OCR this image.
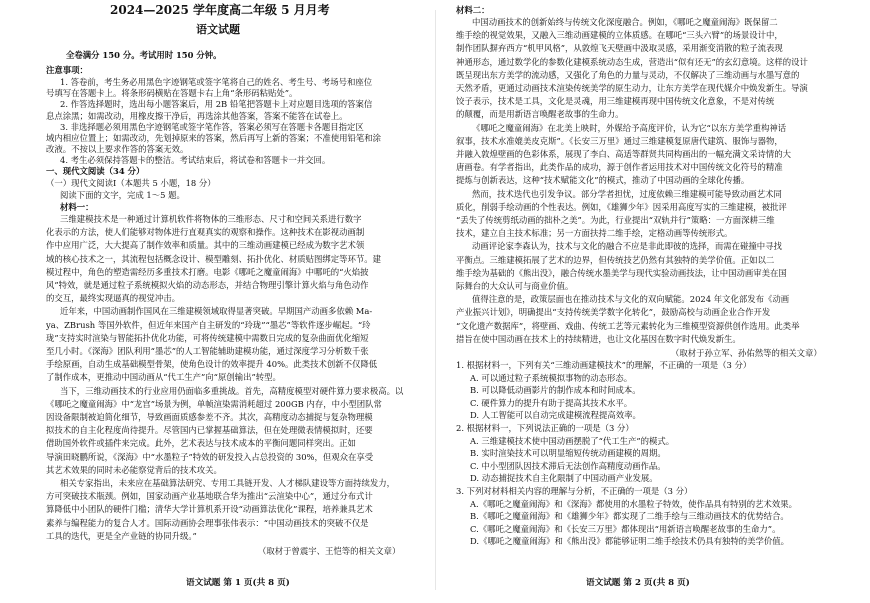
2024—2025 学年度高二年级 5 月月考
语文试题
全卷满分 150 分。考试用时 150 分钟。
注意事项：
1. 答卷前，考生务必用黑色字迹钢笔或签字笔将自己的姓名、考生号、考场号和座位
号填写在答题卡上。将条形码横贴在答题卡右上角“条形码粘贴处”。
2. 作答选择题时，选出每小题答案后，用 2B 铅笔把答题卡上对应题目选项的答案信
息点涂黑；如需改动，用橡皮擦干净后，再选涂其他答案，答案不能答在试卷上。
3. 非选择题必须用黑色字迹钢笔或签字笔作答，答案必须写在答题卡各题目指定区
域内相应位置上；如需改动，先划掉原来的答案，然后再写上新的答案；不准使用铅笔和涂
改液。不按以上要求作答的答案无效。
4. 考生必须保持答题卡的整洁。考试结束后，将试卷和答题卡一并交回。
一、现代文阅读（34 分）
（一）现代文阅读Ⅰ（本题共 5 小题，18 分）
阅读下面的文字，完成 1～5 题。
材料一：
三维建模技术是一种通过计算机软件将物体的三维形态、尺寸和空间关系进行数字
化表示的方法，使人们能够对物体进行直观真实的观察和操作。这种技术在影视动画制
作中应用广泛，大大提高了制作效率和质量。其中的三维动画建模已经成为数字艺术领
域的核心技术之一，其流程包括概念设计、模型雕刻、拓扑优化、材质贴图绑定等环节。建
模过程中，角色的塑造需经历多重技术打磨。电影《哪吒之魔童闹海》中哪吒的“火焰披
风”特效，就是通过粒子系统模拟火焰的动态形态，并结合物理引擎计算火焰与角色动作
的交互，最终实现逼真的视觉冲击。
近年来，中国动画制作国风在三维建模领域取得显著突破。早期国产动画多依赖 Ma-
ya、ZBrush 等国外软件，但近年来国产自主研发的“玲珑”“墨芯”等软件逐步崛起。“玲
珑”支持实时渲染与智能拓扑优化功能，可将传统建模中需数日完成的复杂曲面优化缩短
至几小时。《深海》团队利用“墨芯”的人工智能辅助建模功能，通过深度学习分析数千张
手绘原画，自动生成基础模型骨架，使角色设计的效率提升 40%。此类技术创新不仅降低
了制作成本，更推动中国动画从“代工生产”向“原创输出”转型。
当下，三维动画技术的行业应用仍面临多重挑战。首先，高精度模型对硬件算力要求极高。以
《哪吒之魔童闹海》中“龙宫”场景为例，单帧渲染需消耗超过 200GB 内存，中小型团队常
因设备限制被迫简化细节，导致画面质感参差不齐。其次，高精度动态捕捉与复杂物理模
拟技术的自主化程度尚待提升。尽管国内已掌握基础算法，但在处理微表情模拟时，还要
借助国外软件或插件来完成。此外，艺术表达与技术成本的平衡问题同样突出。正如
导演田晓鹏所说，《深海》中“水墨粒子”特效的研发投入占总投资的 30%，但观众在享受
其艺术效果的同时未必能察觉背后的技术攻关。
相关专家指出，未来应在基础算法研究、专用工具链开发、人才梯队建设等方面持续发力，
方可突破技术瓶颈。例如，国家动画产业基地联合华为推出“云渲染中心”，通过分布式计
算降低中小团队的硬件门槛；清华大学计算机系开设“动画算法优化”课程，培养兼具艺术
素养与编程能力的复合人才。国际动画协会理事张伟表示：“中国动画技术的突破不仅是
工具的迭代，更是全产业链的协同升级。”
（取材于曾震宇、王恺等的相关文章）
语文试题 第 1 页(共 8 页)
材料二：
中国动画技术的创新始终与传统文化深度融合。例如，《哪吒之魔童闹海》既保留二
维手绘的视觉效果，又融入三维动画建模的立体质感。在哪吒“三头六臂”的场景设计中，
制作团队摒弃西方“机甲风格”，从敦煌飞天壁画中汲取灵感，采用渐变消散的粒子流表现
神通形态，通过数学化的参数化建模系统动态生成，营造出“似有还无”的玄幻意境。这样的设计
既呈现出东方美学的流动感，又强化了角色的力量与灵动，不仅解决了三维动画与水墨写意的
天然矛盾，更通过动画技术渲染传统美学的原生动力，让东方美学在现代媒介中焕发新生。导演
饺子表示，技术是工具，文化是灵魂，用三维建模再现中国传统文化意象，不是对传统
的颠覆，而是用新语言唤醒老故事的生命力。
《哪吒之魔童闹海》在北美上映时，外媒给予高度评价，认为它“以东方美学重构神话
叙事，技术水准媲美皮克斯”。《长安三万里》通过三维建模复原唐代建筑、服饰与器物，
并融入敦煌壁画的色彩体系，展现了李白、高适等群贤共同构画出的一幅充满文采诗情的大
唐画卷。有学者指出，此类作品的成功，源于创作者运用技术对中国传统文化符号的精准
提炼与创新表达，这种“技术赋能文化”的模式，推动了中国动画的全球化传播。
然而，技术迭代也引发争议。部分学者担忧，过度依赖三维建模可能导致动画艺术同
质化，削弱手绘动画的个性表达。例如，《雄狮少年》因采用高度写实的三维建模，被批评
“丢失了传统剪纸动画的拙朴之美”。为此，行业提出“双轨并行”策略：一方面深耕三维
技术，建立自主技术标准；另一方面扶持二维手绘，定格动画等传统形式。
动画评论家李森认为，技术与文化的融合不应是非此即彼的选择，而需在碰撞中寻找
平衡点。三维建模拓展了艺术的边界，但传统技艺仍然有其独特的美学价值。正如以二
维手绘为基础的《熊出没》，融合传统水墨美学与现代实验动画技法，让中国动画审美在国
际舞台的大众认可与商业价值。
值得注意的是，政策层面也在推动技术与文化的双向赋能。2024 年文化部发布《动画
产业振兴计划》，明确提出“支持传统美学数字化转化”，鼓励高校与动画企业合作开发
“文化遗产数据库”，将壁画、戏曲、传统工艺等元素转化为三维模型资源供创作选用。此类举
措旨在使中国动画在技术上的持续精进，也让文化基因在数字时代焕发新生。
（取材于孙立军、孙佑然等的相关文章）
1. 根据材料一，下列有关“三维动画建模技术”的理解，不正确的一项是（3 分）
A. 可以通过粒子系统模拟事物的动态形态。
B. 可以降低动画影片的制作成本和时间成本。
C. 硬件算力的提升有助于提高其技术水平。
D. 人工智能可以自动完成建模流程提高效率。
2. 根据材料一，下列说法正确的一项是（3 分）
A. 三维建模技术使中国动画摆脱了“代工生产”的模式。
B. 实时渲染技术可以明显缩短传统动画建模的周期。
C. 中小型团队因技术滞后无法创作高精度动画作品。
D. 动态捕捉技术自主化限制了中国动画产业发展。
3. 下列对材料相关内容的理解与分析，不正确的一项是（3 分）
A.《哪吒之魔童闹海》和《深海》都使用的水墨粒子特效，使作品具有特别的艺术效果。
B.《哪吒之魔童闹海》和《雄狮少年》都实现了二维手绘与三维动画技术的优势结合。
C.《哪吒之魔童闹海》和《长安三万里》都体现出“用新语言唤醒老故事的生命力”。
D.《哪吒之魔童闹海》和《熊出没》都能够证明二维手绘技术仍具有独特的美学价值。
语文试题 第 2 页(共 8 页)
